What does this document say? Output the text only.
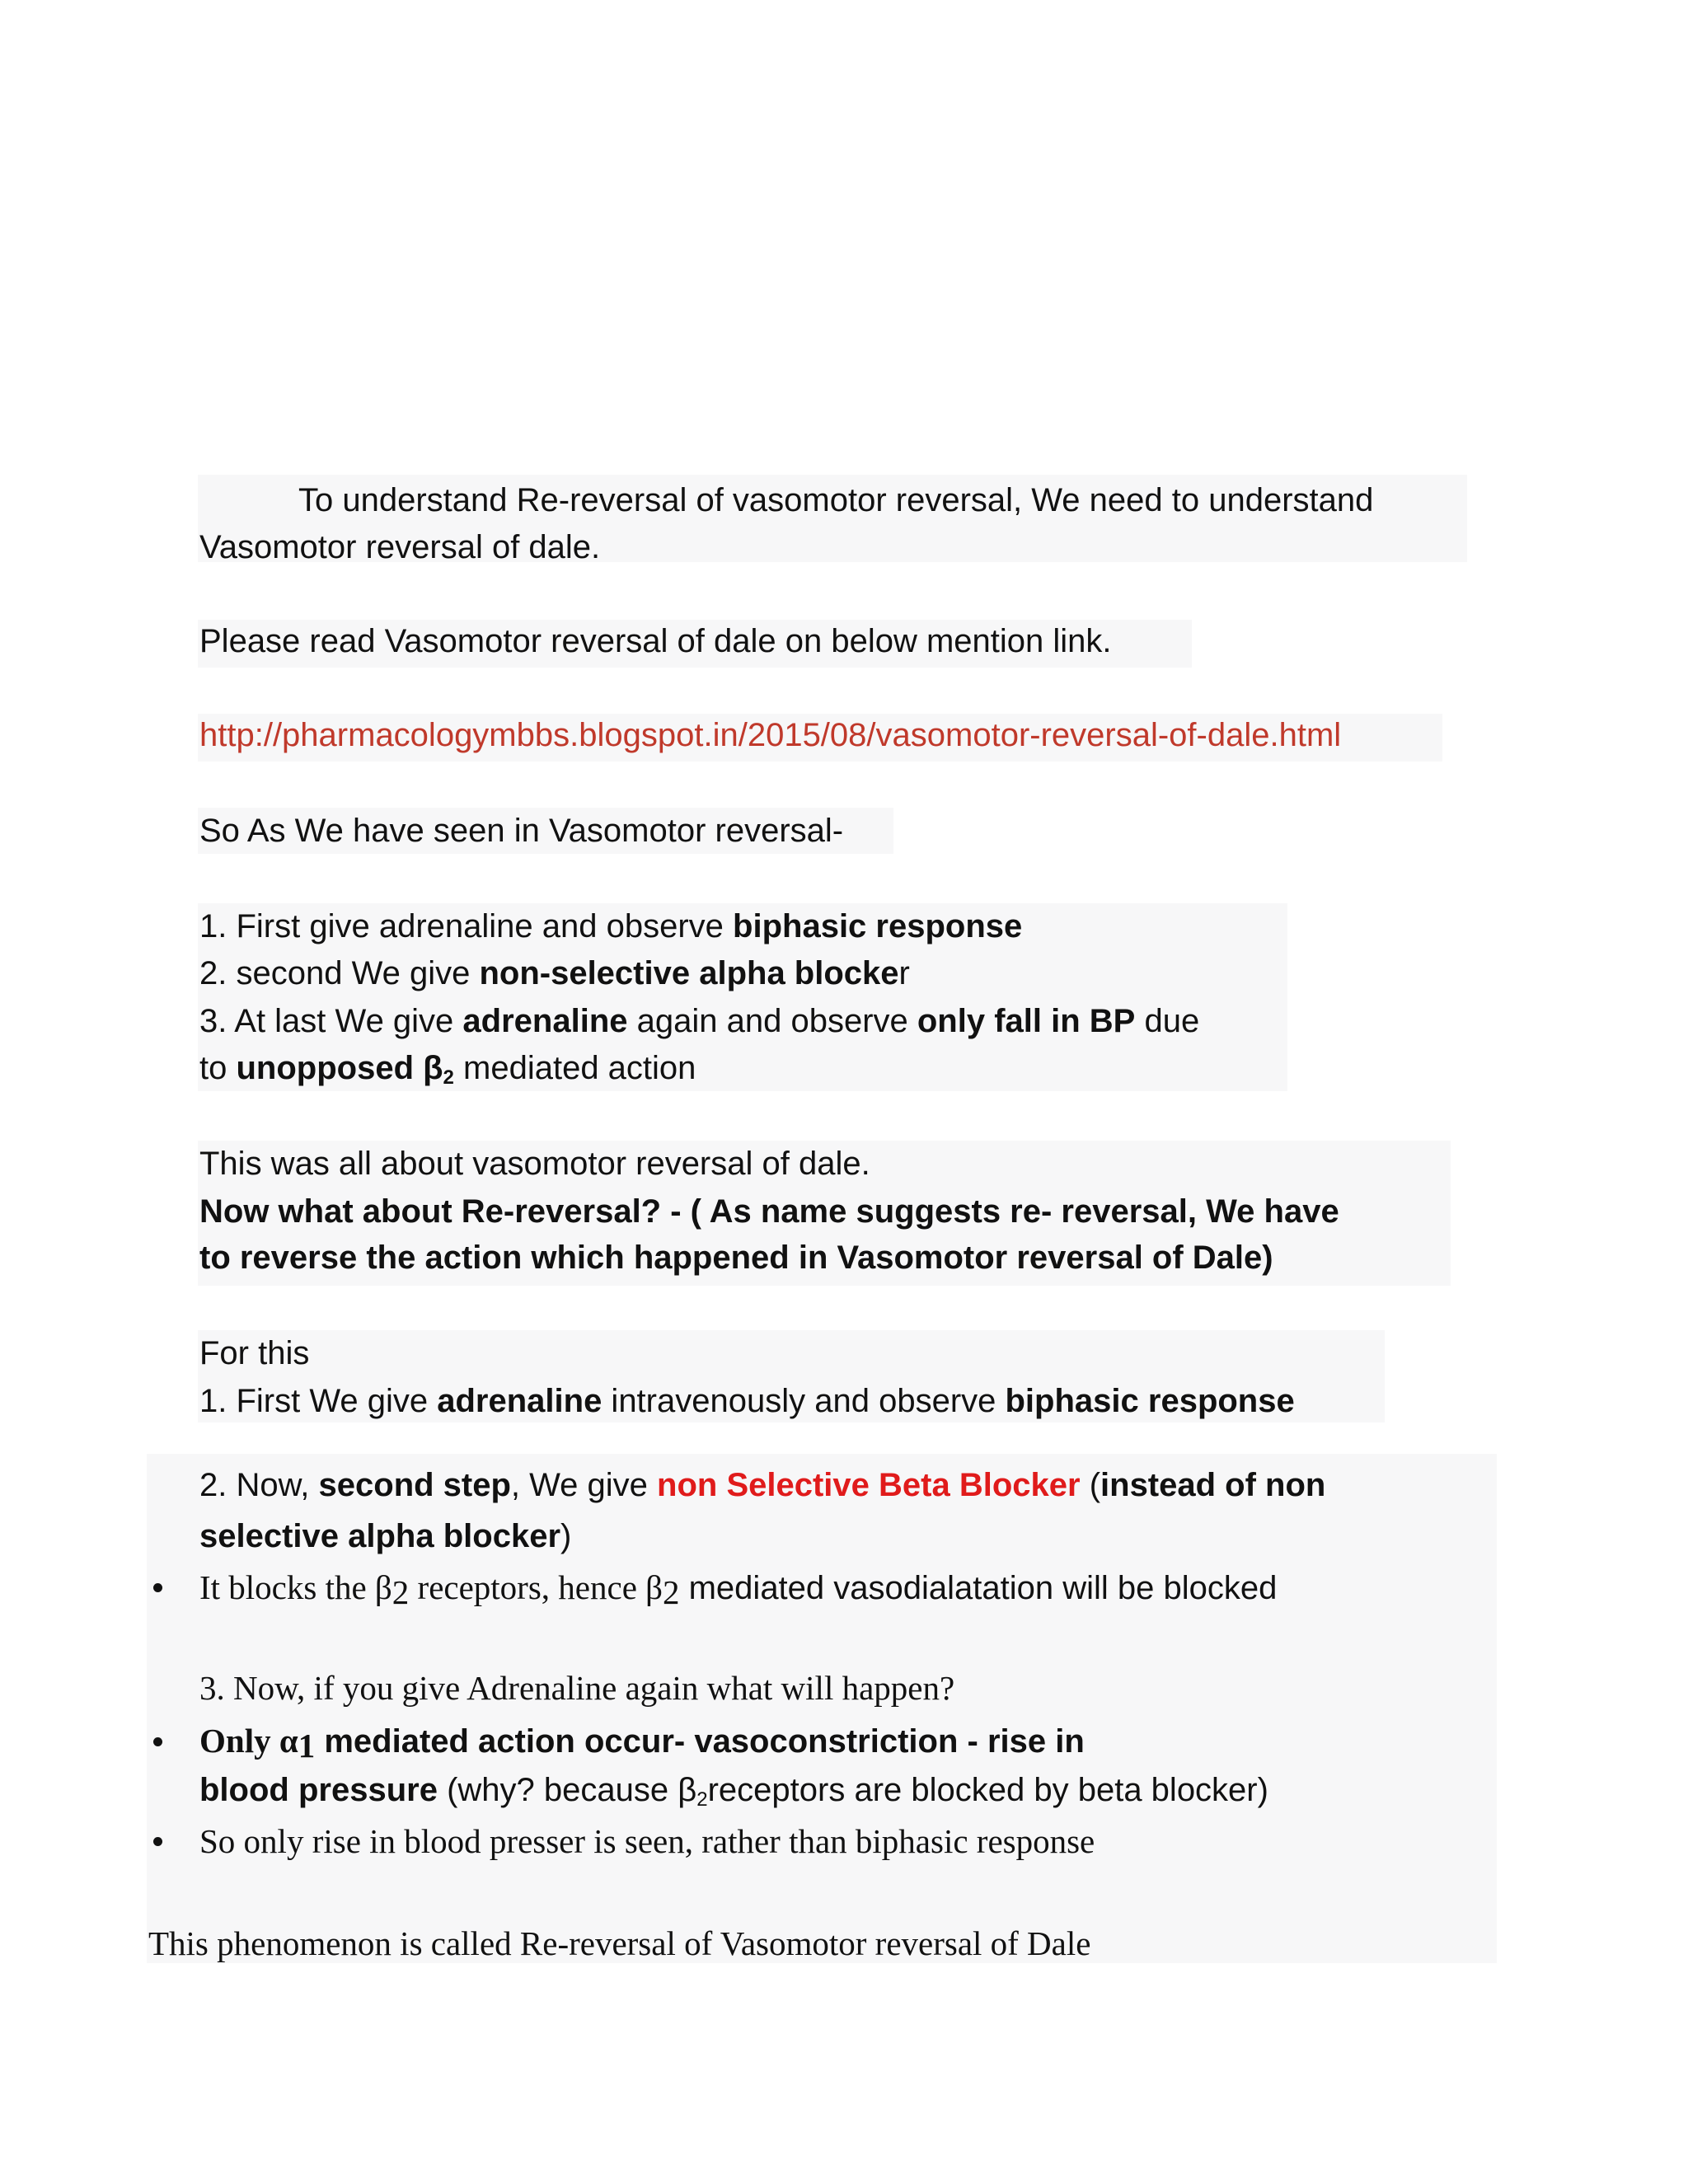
To understand Re-reversal of vasomotor reversal, We need to understand
Vasomotor reversal of dale.
Please read Vasomotor reversal of dale on below mention link.
http://pharmacologymbbs.blogspot.in/2015/08/vasomotor-reversal-of-dale.html
So As We have seen in Vasomotor reversal-
1. First give adrenaline and observe biphasic response
2. second We give non-selective alpha blocker
3. At last We give adrenaline again and observe only fall in BP due
to unopposed $\beta_2$ mediated action
This was all about vasomotor reversal of dale.
Now what about Re-reversal? - ( As name suggests re- reversal, We have
to reverse the action which happened in Vasomotor reversal of Dale)
For this
1. First We give adrenaline intravenously and observe biphasic response
2. Now, second step, We give non Selective Beta Blocker (instead of non
selective alpha blocker)
It blocks the $\beta_2$ receptors, hence $\beta_2$ mediated vasodialatation will be blocked
3. Now, if you give Adrenaline again what will happen?
Only $\alpha_1$ mediated action occur- vasoconstriction - rise in
blood pressure (why? because $\beta_2receptors$ are blocked by beta blocker)
So only rise in blood presser is seen, rather than biphasic response
This phenomenon is called Re-reversal of Vasomotor reversal of Dale
